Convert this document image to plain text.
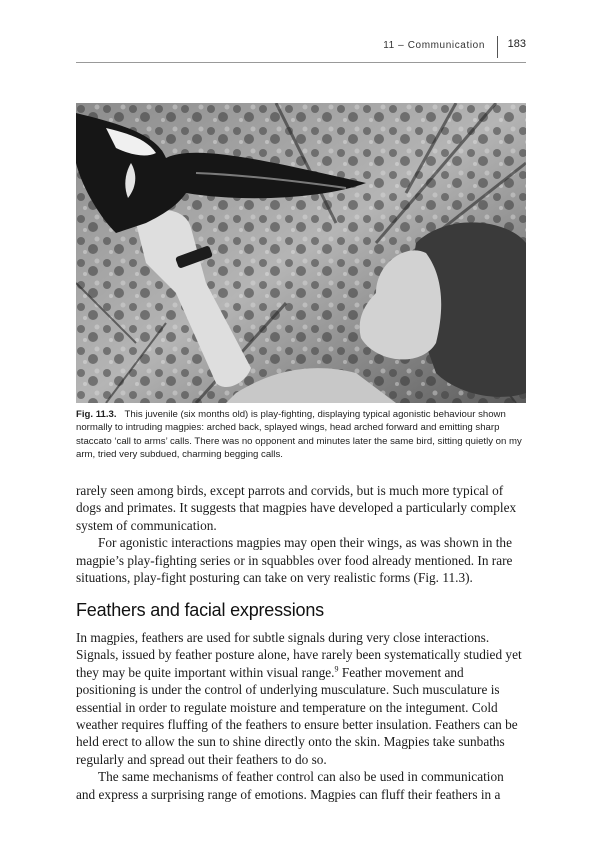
11 – Communication 183
Fig. 11.3. This juvenile (six months old) is play-fighting, displaying typical agonistic behaviour shown normally to intruding magpies: arched back, splayed wings, head arched forward and emitting sharp staccato ‘call to arms’ calls. There was no opponent and minutes later the same bird, sitting quietly on my arm, tried very subdued, charming begging calls.

rarely seen among birds, except parrots and corvids, but is much more typical of dogs and primates. It suggests that magpies have developed a particularly complex system of communication.

For agonistic interactions magpies may open their wings, as was shown in the magpie’s play-fighting series or in squabbles over food already mentioned. In rare situations, play-fight posturing can take on very realistic forms (Fig. 11.3).

Feathers and facial expressions

In magpies, feathers are used for subtle signals during very close interactions. Signals, issued by feather posture alone, have rarely been systematically studied yet they may be quite important within visual range.$^9$ Feather movement and positioning is under the control of underlying musculature. Such musculature is essential in order to regulate moisture and temperature on the integument. Cold weather requires fluffing of the feathers to ensure better insulation. Feathers can be held erect to allow the sun to shine directly onto the skin. Magpies take sunbaths regularly and spread out their feathers to do so.

The same mechanisms of feather control can also be used in communication and express a surprising range of emotions. Magpies can fluff their feathers in a
